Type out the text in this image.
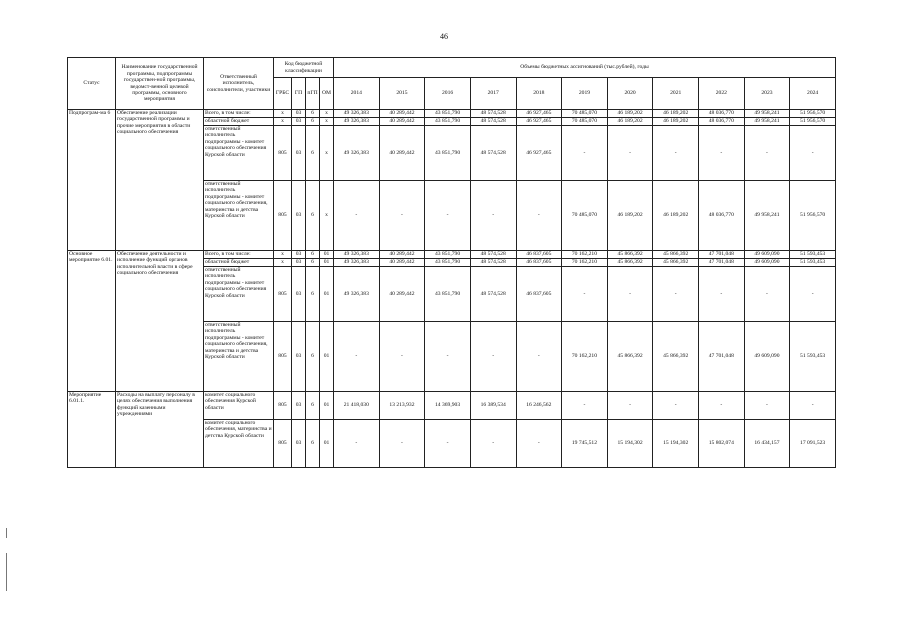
46
Статус	Наименование государственной программы, подпрограммы государствен-ной программы, ведомст-венной целевой программы, основного мероприятия	Ответственный исполнитель, соисполнители, участники	Код бюджетной классификации				Объемы бюджетных ассигнований (тыс.рублей), годы										
			ГРБС	ГП	пГП	ОМ	2014	2015	2016	2017	2018	2019	2020	2021	2022	2023	2024
Подпрограм-ма 6	Обеспечение реализации государственной программы и прочие мероприятия в области социального обеспечения	Всего, в том числе:	x	03	6	x	49 326,383	40 289,442	43 851,790	48 574,528	46 927,465	70 485,070	46 189,202	46 189,202	48 036,770	49 958,241	51 956,570
		областной бюджет	x	03	6	x	49 326,383	40 289,442	43 851,790	48 574,528	46 927,465	70 485,070	46 189,202	46 189,202	48 036,770	49 958,241	51 956,570
		ответственный исполнитель подпрограммы - комитет социального обеспечения Курской области	805	03	6	x	49 326,383	40 289,442	43 851,790	48 574,528	46 927,465	-	-	-	-	-	-
		ответственный исполнитель подпрограммы - комитет социального обеспечения, материнства и детства Курской области	805	03	6	x	-	-	-	-	-	70 485,070	46 189,202	46 189,202	48 036,770	49 958,241	51 956,570
Основное мероприятие 6.01.	Обеспечение деятельности и исполнение функций органов исполнительной власти в сфере социального обеспечения	Всего, в том числе:	x	03	6	01	49 326,383	40 289,442	43 851,790	48 574,528	46 837,605	70 162,210	45 866,392	45 866,392	47 701,048	49 609,090	51 593,453
		областной бюджет	x	03	6	01	49 326,383	40 289,442	43 851,790	48 574,528	46 837,605	70 162,210	45 866,392	45 866,392	47 701,048	49 609,090	51 593,453
		ответственный исполнитель подпрограммы - комитет социального обеспечения Курской области	805	03	6	01	49 326,383	40 289,442	43 851,790	48 574,528	46 837,605	-	-	-	-	-	-
		ответственный исполнитель подпрограммы - комитет социального обеспечения, материнства и детства Курской области	805	03	6	01	-	-	-	-	-	70 162,210	45 866,392	45 866,392	47 701,048	49 609,090	51 593,453
Мероприятие 6.01.1.	Расходы на выплату персоналу в целях обеспечения выполнения функций казенными учреждениями	комитет социального обеспечения Курской области	805	03	6	01	21 418,030	13 213,932	14 369,903	16 389,534	16 246,562	-	-	-	-	-	-
		комитет социального обеспечения, материнства и детства Курской области	805	03	6	01	-	-	-	-	-	19 745,512	15 194,302	15 194,302	15 802,074	16 434,157	17 091,523
